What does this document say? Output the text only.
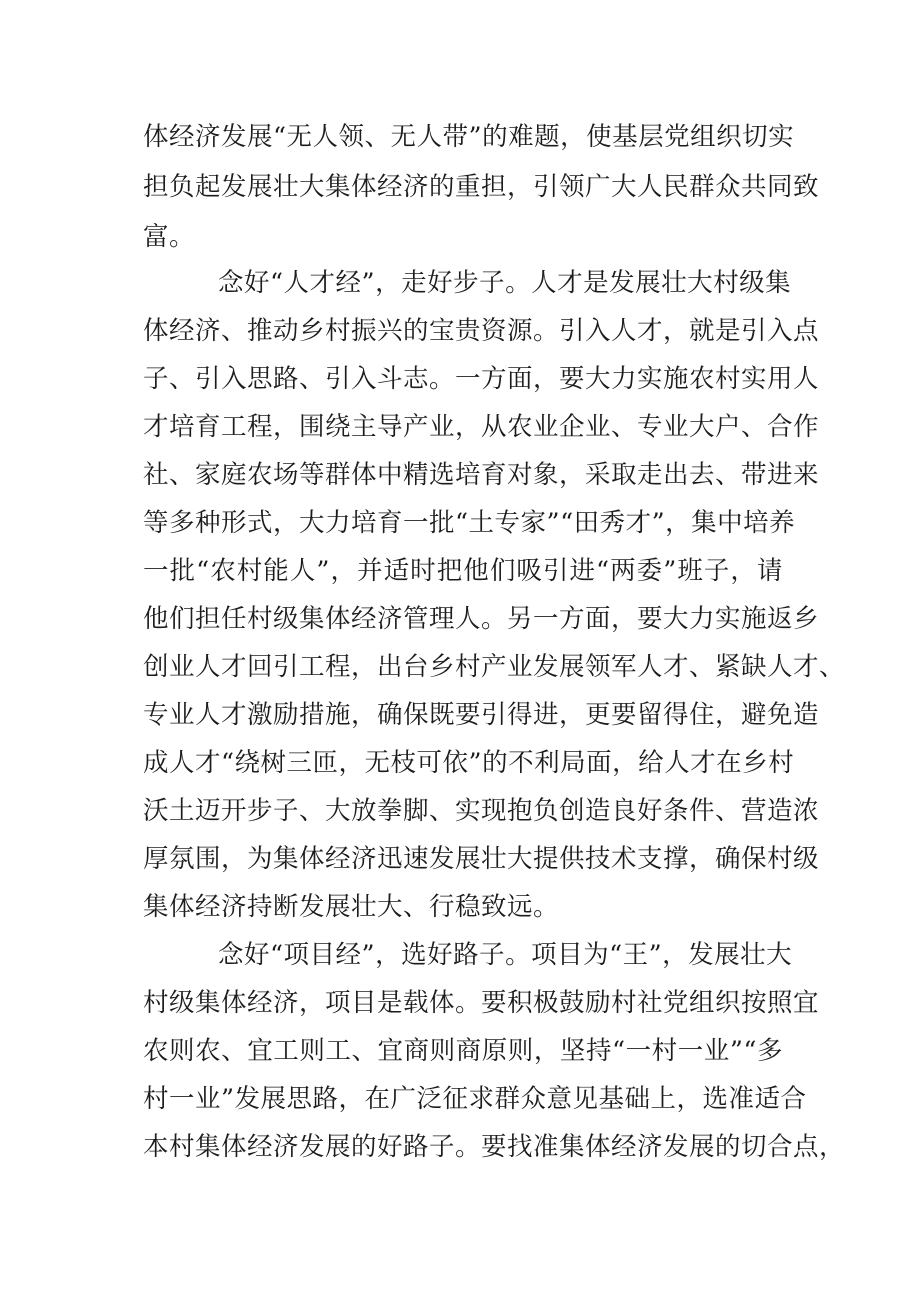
体经济发展“无人领、无人带”的难题，使基层党组织切实
担负起发展壮大集体经济的重担，引领广大人民群众共同致
富。
念好“人才经”，走好步子。人才是发展壮大村级集
体经济、推动乡村振兴的宝贵资源。引入人才，就是引入点
子、引入思路、引入斗志。一方面，要大力实施农村实用人
才培育工程，围绕主导产业，从农业企业、专业大户、合作
社、家庭农场等群体中精选培育对象，采取走出去、带进来
等多种形式，大力培育一批“土专家”“田秀才”，集中培养
一批“农村能人”，并适时把他们吸引进“两委”班子，请
他们担任村级集体经济管理人。另一方面，要大力实施返乡
创业人才回引工程，出台乡村产业发展领军人才、紧缺人才、
专业人才激励措施，确保既要引得进，更要留得住，避免造
成人才“绕树三匝，无枝可依”的不利局面，给人才在乡村
沃土迈开步子、大放拳脚、实现抱负创造良好条件、营造浓
厚氛围，为集体经济迅速发展壮大提供技术支撑，确保村级
集体经济持断发展壮大、行稳致远。
念好“项目经”，选好路子。项目为“王”，发展壮大
村级集体经济，项目是载体。要积极鼓励村社党组织按照宜
农则农、宜工则工、宜商则商原则，坚持“一村一业”“多
村一业”发展思路，在广泛征求群众意见基础上，选准适合
本村集体经济发展的好路子。要找准集体经济发展的切合点，
